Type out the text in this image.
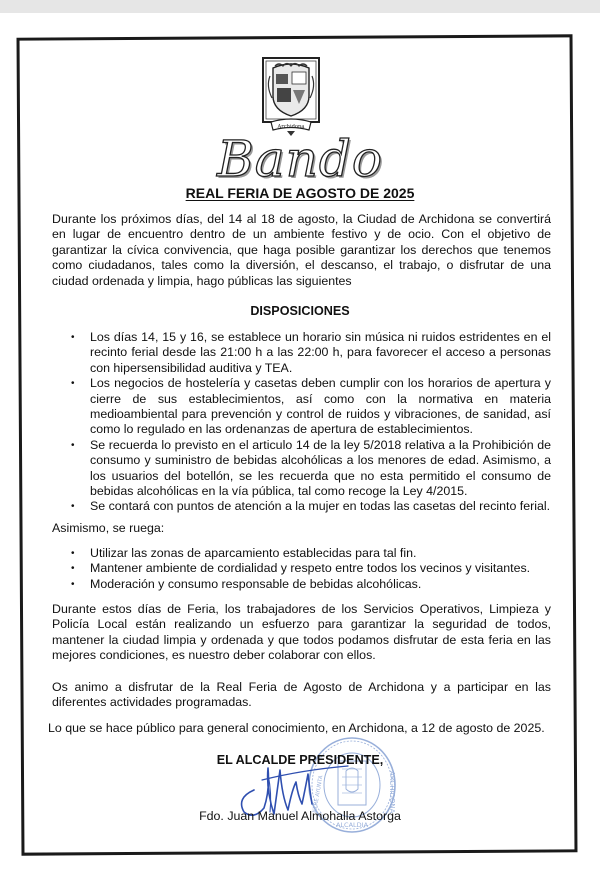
Archidona
Bando
REAL FERIA DE AGOSTO DE 2025
Durante los próximos días, del 14 al 18 de agosto, la Ciudad de Archidona se convertirá en lugar de encuentro dentro de un ambiente festivo y de ocio. Con el objetivo de garantizar la cívica convivencia, que haga posible garantizar los derechos que tenemos como ciudadanos, tales como la diversión, el descanso, el trabajo, o disfrutar de una ciudad ordenada y limpia, hago públicas las siguientes
DISPOSICIONES
• Los días 14, 15 y 16, se establece un horario sin música ni ruidos estridentes en el recinto ferial desde las 21:00 h a las 22:00 h, para favorecer el acceso a personas con hipersensibilidad auditiva y TEA.
• Los negocios de hostelería y casetas deben cumplir con los horarios de apertura y cierre de sus establecimientos, así como con la normativa en materia medioambiental para prevención y control de ruidos y vibraciones, de sanidad, así como lo regulado en las ordenanzas de apertura de establecimientos.
• Se recuerda lo previsto en el articulo 14 de la ley 5/2018 relativa a la Prohibición de consumo y suministro de bebidas alcohólicas a los menores de edad. Asimismo, a los usuarios del botellón, se les recuerda que no esta permitido el consumo de bebidas alcohólicas en la vía pública, tal como recoge la Ley 4/2015.
• Se contará con puntos de atención a la mujer en todas las casetas del recinto ferial.
Asimismo, se ruega:
• Utilizar las zonas de aparcamiento establecidas para tal fin.
• Mantener ambiente de cordialidad y respeto entre todos los vecinos y visitantes.
• Moderación y consumo responsable de bebidas alcohólicas.
Durante estos días de Feria, los trabajadores de los Servicios Operativos, Limpieza y Policía Local están realizando un esfuerzo para garantizar la seguridad de todos, mantener la ciudad limpia y ordenada y que todos podamos disfrutar de esta feria en las mejores condiciones, es nuestro deber colaborar con ellos.
Os animo a disfrutar de la Real Feria de Agosto de Archidona y a participar en las diferentes actividades programadas.
Lo que se hace público para general conocimiento, en Archidona, a 12 de agosto de 2025.
ARCHIDONA
ALCALDIA
ILTRE AYUNTA
EL ALCALDE PRESIDENTE,
Fdo. Juan Manuel Almohalla Astorga
